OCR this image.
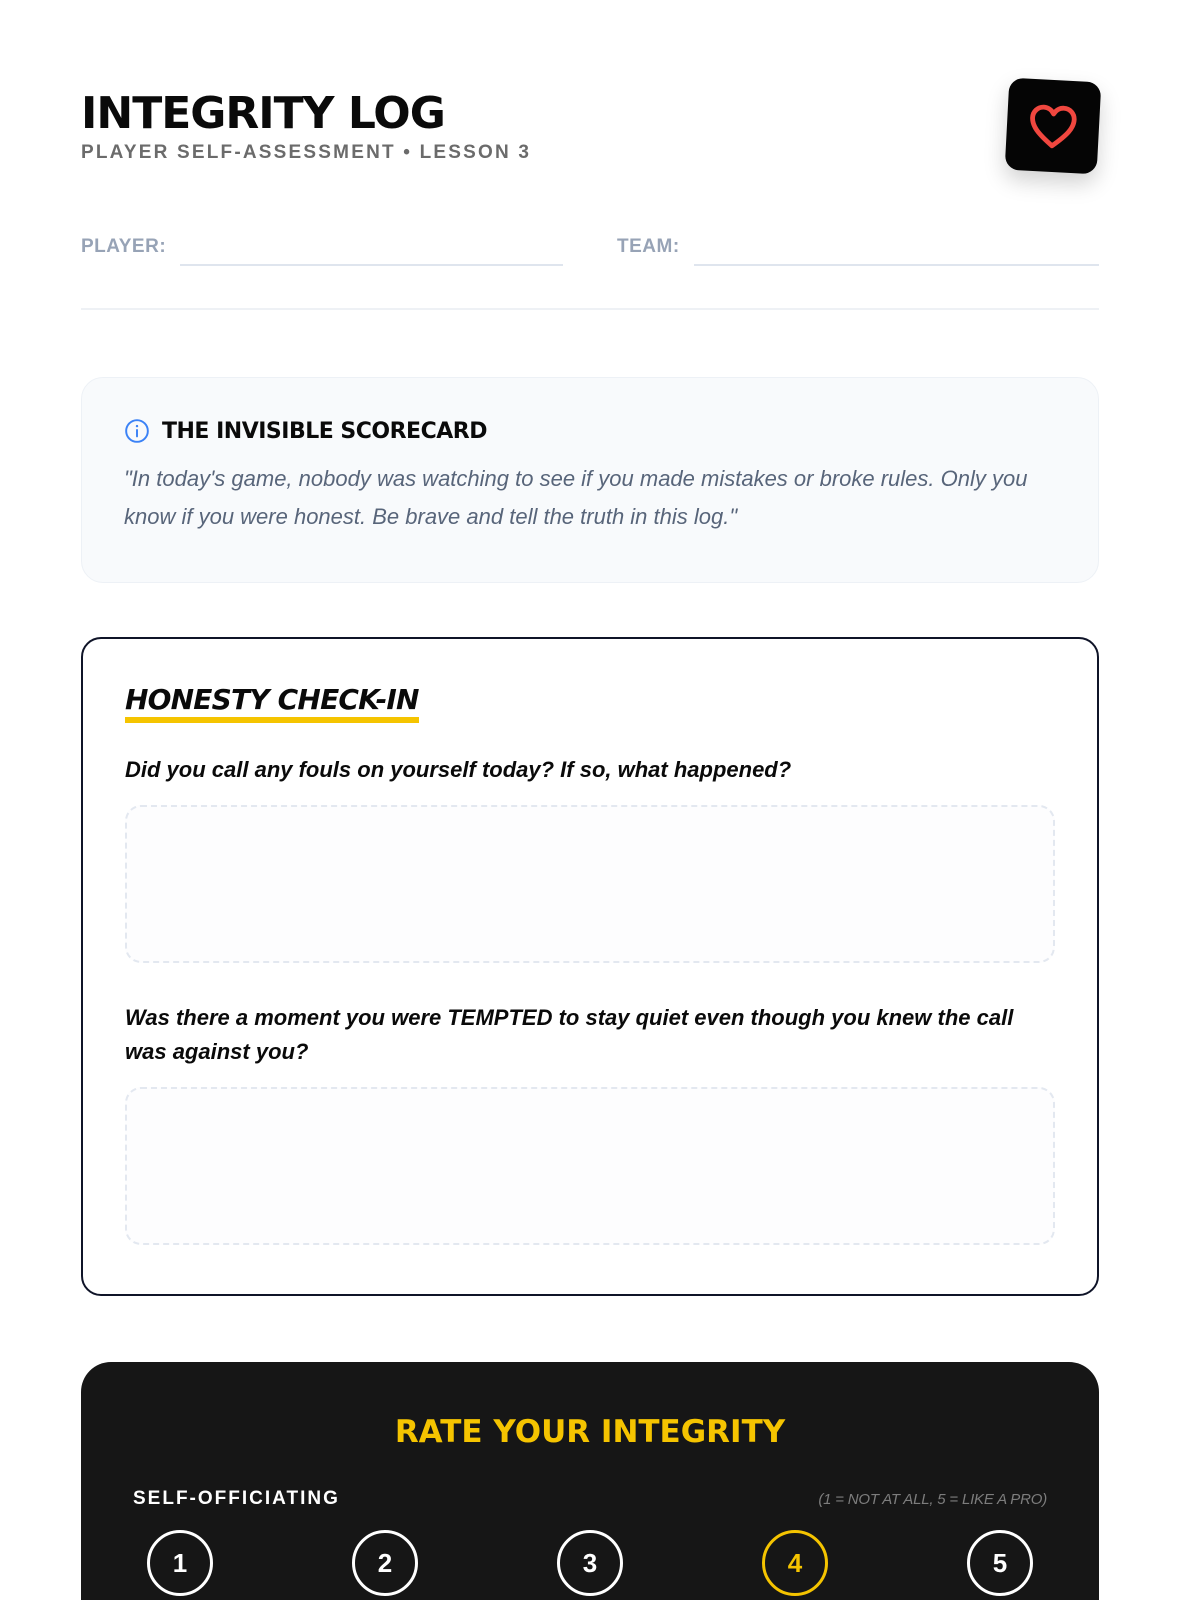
INTEGRITY LOG
PLAYER SELF-ASSESSMENT • LESSON 3
PLAYER:	TEAM:
THE INVISIBLE SCORECARD

"In today's game, nobody was watching to see if you made mistakes or broke rules. Only you know if you were honest. Be brave and tell the truth in this log."

HONESTY CHECK-IN

Did you call any fouls on yourself today? If so, what happened?

Was there a moment you were TEMPTED to stay quiet even though you knew the call was against you?

RATE YOUR INTEGRITY
SELF-OFFICIATING	(1 = NOT AT ALL, 5 = LIKE A PRO)
1	2	3	4	5
